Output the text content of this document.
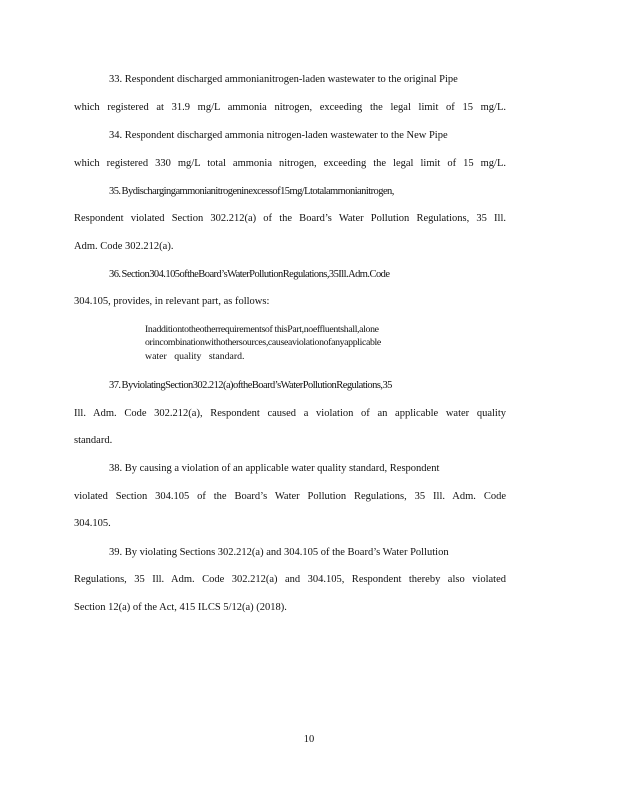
33. Respondent discharged ammonianitrogen-laden wastewater to the original Pipe
which registered at 31.9 mg/L ammonia nitrogen, exceeding the legal limit of 15 mg/L.
34. Respondent discharged ammonia nitrogen-laden wastewater to the New Pipe
which registered 330 mg/L total ammonia nitrogen, exceeding the legal limit of 15 mg/L.
35. Bydischargingammonianitrogeninexcessof15mg/Ltotalammonianitrogen,
Respondent violated Section 302.212(a) of the Board’s Water Pollution Regulations, 35 Ill.
Adm. Code 302.212(a).
36. Section304.105oftheBoard’sWaterPollutionRegulations,35Ill.Adm.Code
304.105, provides, in relevant part, as follows:
Inadditiontotheotherrequirementsof thisPart,noeffluentshall,alone
orincombinationwithothersources,causeaviolationofanyapplicable
water quality standard.
37. ByviolatingSection302.212(a)oftheBoard’sWaterPollutionRegulations,35
Ill. Adm. Code 302.212(a), Respondent caused a violation of an applicable water quality
standard.
38. By causing a violation of an applicable water quality standard, Respondent
violated Section 304.105 of the Board’s Water Pollution Regulations, 35 Ill. Adm. Code
304.105.
39. By violating Sections 302.212(a) and 304.105 of the Board’s Water Pollution
Regulations, 35 Ill. Adm. Code 302.212(a) and 304.105, Respondent thereby also violated
Section 12(a) of the Act, 415 ILCS 5/12(a) (2018).
10
